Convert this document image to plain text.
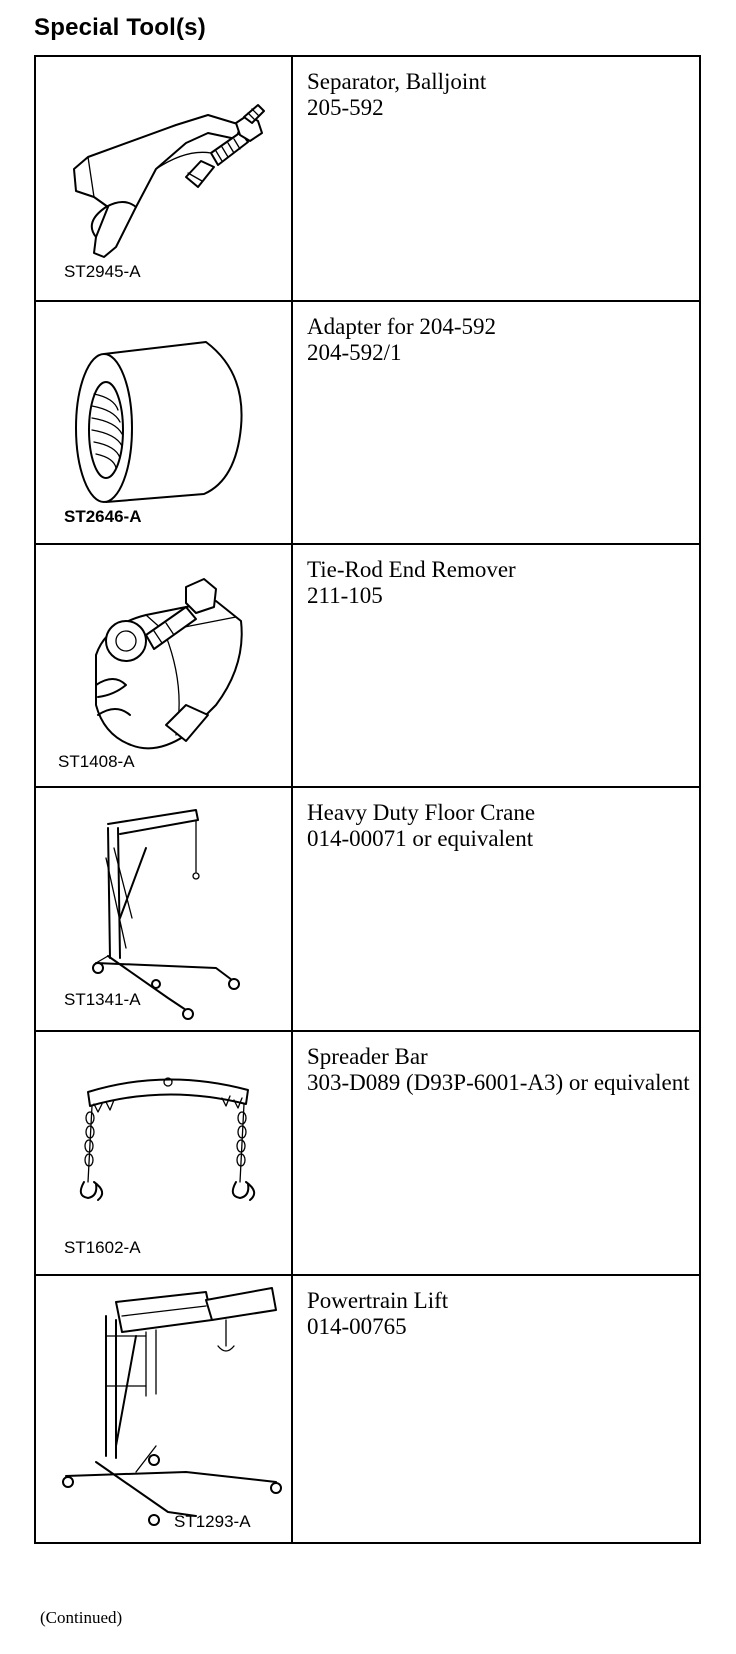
Special Tool(s)
ST2945-A	Separator, Balljoint
205-592

ST2646-A	Adapter for 204-592
204-592/1

ST1408-A	Tie-Rod End Remover
211-105

ST1341-A	Heavy Duty Floor Crane
014-00071 or equivalent

ST1602-A	Spreader Bar
303-D089 (D93P-6001-A3) or equivalent

ST1293-A	Powertrain Lift
014-00765
(Continued)
